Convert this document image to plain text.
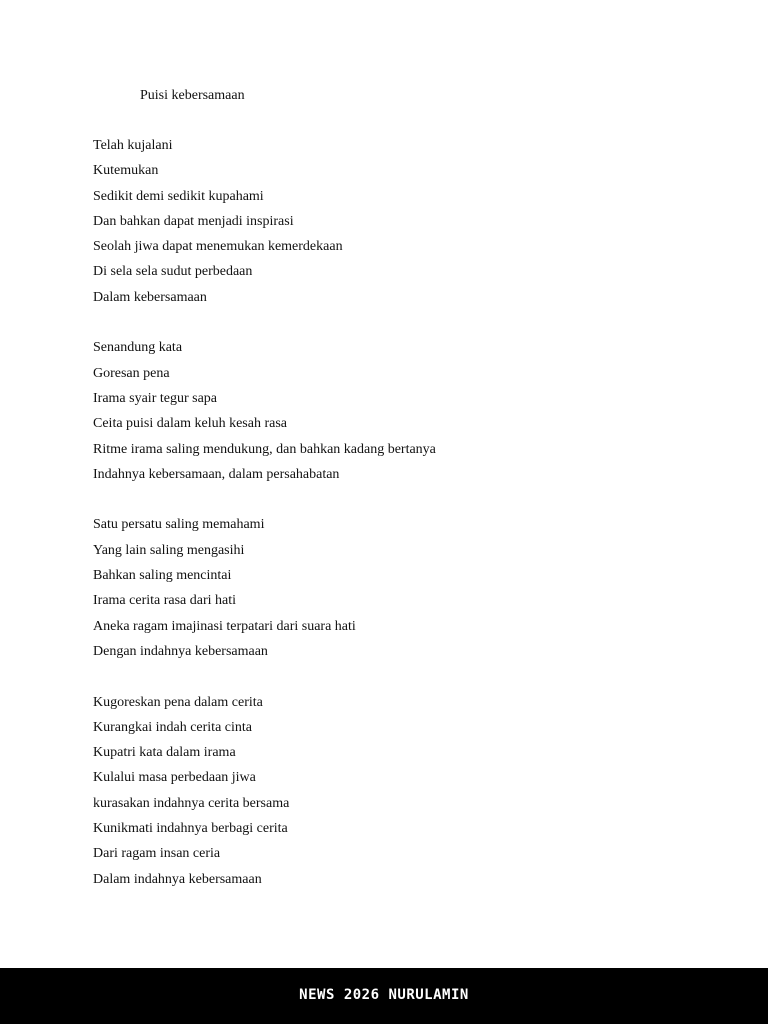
Puisi kebersamaan
Telah kujalani
Kutemukan
Sedikit demi sedikit kupahami
Dan bahkan dapat menjadi inspirasi
Seolah jiwa dapat menemukan kemerdekaan
Di sela sela sudut perbedaan
Dalam kebersamaan
Senandung kata
Goresan pena
Irama syair tegur sapa
Ceita puisi dalam keluh kesah rasa
Ritme irama saling mendukung, dan bahkan kadang bertanya
Indahnya kebersamaan, dalam persahabatan
Satu persatu saling memahami
Yang lain saling mengasihi
Bahkan saling mencintai
Irama cerita rasa dari hati
Aneka ragam imajinasi terpatari dari suara hati
Dengan indahnya kebersamaan
Kugoreskan pena dalam cerita
Kurangkai indah cerita cinta
Kupatri kata dalam irama
Kulalui masa perbedaan jiwa
kurasakan indahnya cerita bersama
Kunikmati indahnya berbagi cerita
Dari ragam insan ceria
Dalam indahnya kebersamaan
NEWS 2026 NURULAMIN
